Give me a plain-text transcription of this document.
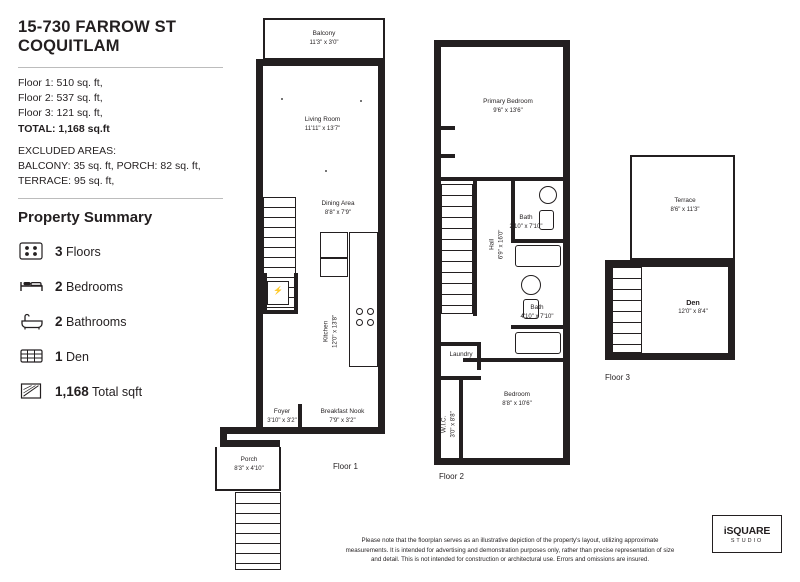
15-730 FARROW ST
COQUITLAM
Floor 1: 510 sq. ft,
Floor 2: 537 sq. ft,
Floor 3: 121 sq. ft,
TOTAL: 1,168 sq.ft
EXCLUDED AREAS:
BALCONY: 35 sq. ft, PORCH: 82 sq. ft,
TERRACE: 95 sq. ft,
Property Summary
3 Floors
2 Bedrooms
2 Bathrooms
1 Den
1,168 Total sqft
Balcony
11'3" x 3'0"
Living Room
11'11" x 13'7"
Dining Area
8'8" x 7'9"
⚡
Kitchen 12'0" x 13'8"
Breakfast Nook
7'9" x 3'2"
Foyer
3'10" x 3'2"
Porch
8'3" x 4'10"	Floor 1
Primary Bedroom
9'6" x 13'6"
Bath
2'10" x 7'10"
Hall 6'9" x 16'0"
Bath
4'10" x 7'10"
Laundry
W.I.C. 3'0" x 8'8"
Bedroom
8'8" x 10'6"
Floor 2
Terrace
8'6" x 11'3"
Den
12'0" x 8'4"
Floor 3
Please note that the floorplan serves as an illustrative depiction of the property's layout, utilizing approximate measurements. It is intended for advertising and demonstration purposes only, rather than precise representation of size and detail. This is not intended for construction or architectural use. Errors and omissions are insured.
iSQUARE
STUDIO
